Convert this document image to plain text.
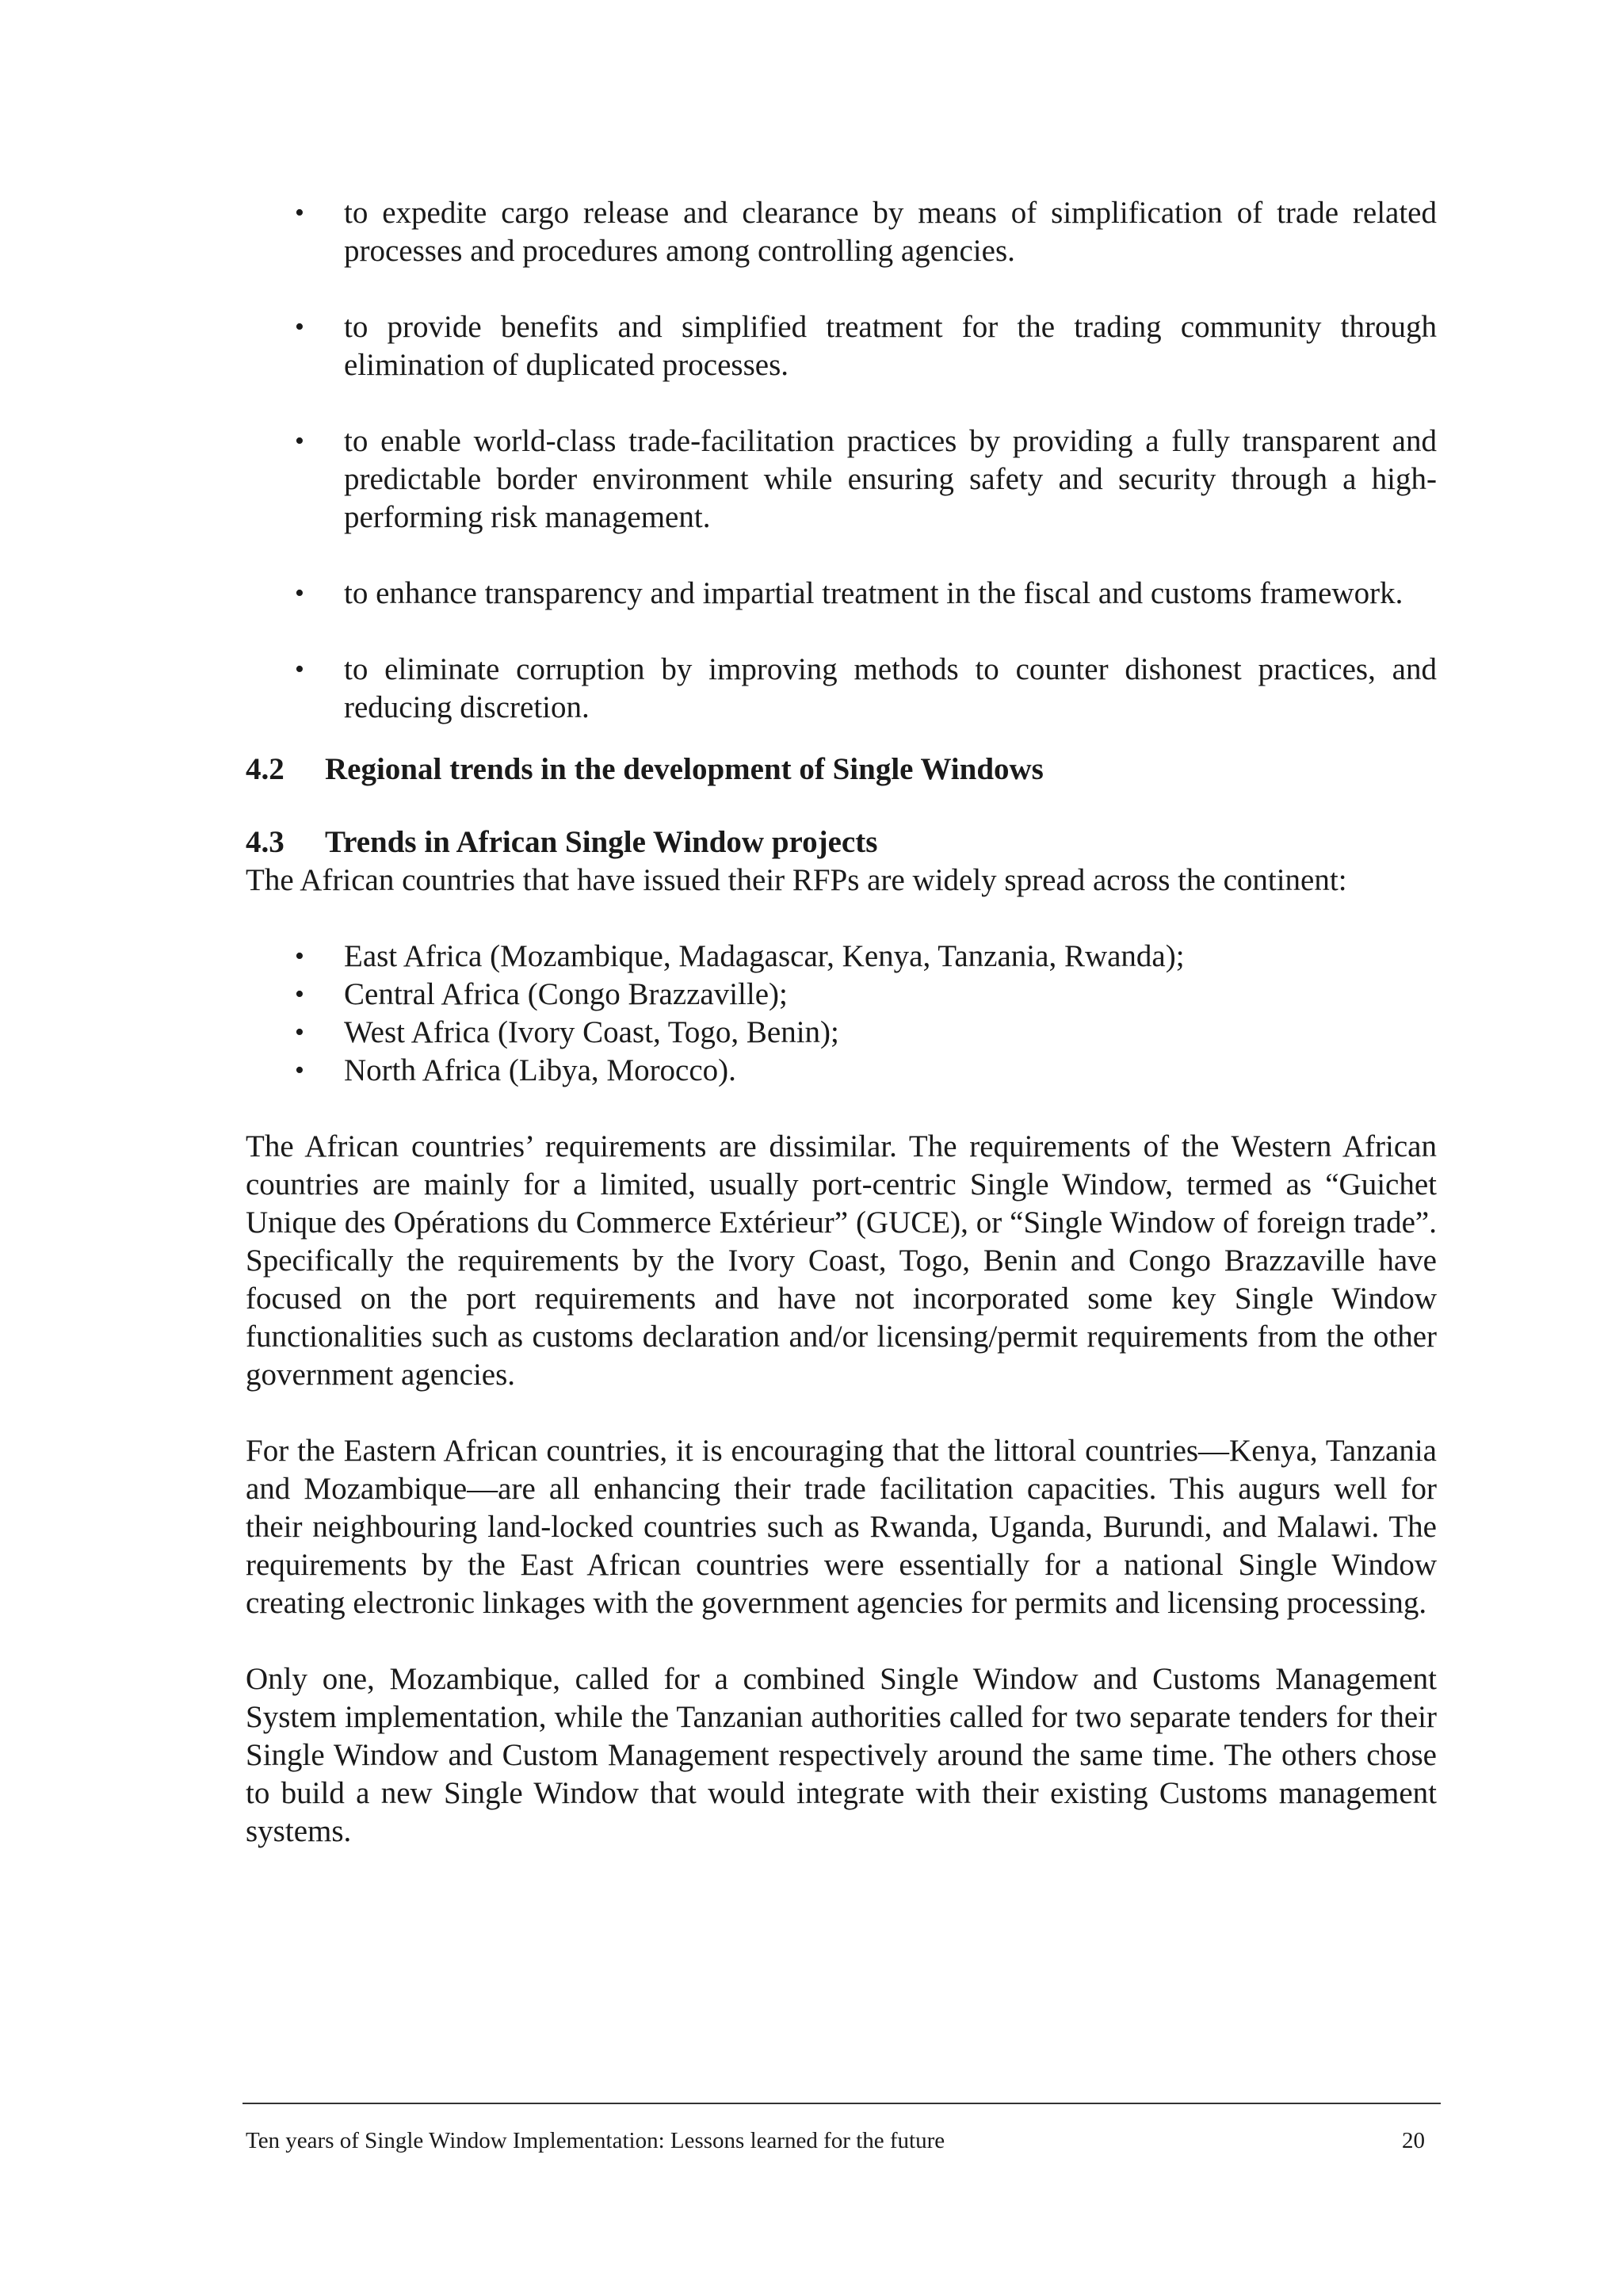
• to expedite cargo release and clearance by means of simplification of trade related processes and procedures among controlling agencies.
• to provide benefits and simplified treatment for the trading community through elimination of duplicated processes.
• to enable world-class trade-facilitation practices by providing a fully transparent and predictable border environment while ensuring safety and security through a high-performing risk management.
• to enhance transparency and impartial treatment in the fiscal and customs framework.
• to eliminate corruption by improving methods to counter dishonest practices, and reducing discretion.
4.2	Regional trends in the development of Single Windows
4.3	Trends in African Single Window projects

The African countries that have issued their RFPs are widely spread across the continent:

• East Africa (Mozambique, Madagascar, Kenya, Tanzania, Rwanda);
• Central Africa (Congo Brazzaville);
• West Africa (Ivory Coast, Togo, Benin);
• North Africa (Libya, Morocco).

The African countries’ requirements are dissimilar. The requirements of the Western African countries are mainly for a limited, usually port-centric Single Window, termed as “Guichet Unique des Opérations du Commerce Extérieur” (GUCE), or “Single Window of foreign trade”. Specifically the requirements by the Ivory Coast, Togo, Benin and Congo Brazzaville have focused on the port requirements and have not incorporated some key Single Window functionalities such as customs declaration and/or licensing/permit requirements from the other government agencies.

For the Eastern African countries, it is encouraging that the littoral countries—Kenya, Tanzania and Mozambique—are all enhancing their trade facilitation capacities. This augurs well for their neighbouring land-locked countries such as Rwanda, Uganda, Burundi, and Malawi. The requirements by the East African countries were essentially for a national Single Window creating electronic linkages with the government agencies for permits and licensing processing.

Only one, Mozambique, called for a combined Single Window and Customs Management System implementation, while the Tanzanian authorities called for two separate tenders for their Single Window and Custom Management respectively around the same time. The others chose to build a new Single Window that would integrate with their existing Customs management systems.

Ten years of Single Window Implementation: Lessons learned for the future	20
